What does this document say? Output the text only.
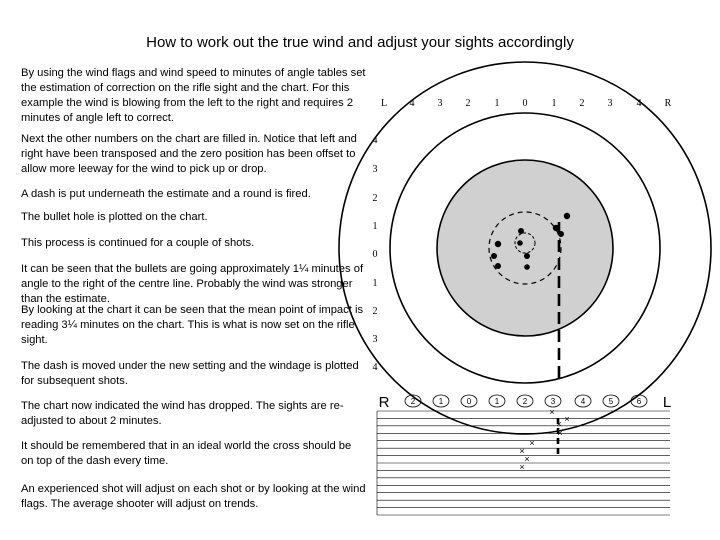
How to work out the true wind and adjust your sights accordingly

By using the wind flags and wind speed to minutes of angle tables set the estimation of correction on the rifle sight and the chart. For this example the wind is blowing from the left to the right and requires 2 minutes of angle left to correct.

Next the other numbers on the chart are filled in. Notice that left and right have been transposed and the zero position has been offset to allow more leeway for the wind to pick up or drop.

A dash is put underneath the estimate and a round is fired.

The bullet hole is plotted on the chart.

This process is continued for a couple of shots.

It can be seen that the bullets are going approximately 1¼ minutes of angle to the right of the centre line. Probably the wind was stronger than the estimate.

By looking at the chart it can be seen that the mean point of impact is reading 3¼ minutes on the chart. This is what is now set on the rifle sight.

The dash is moved under the new setting and the windage is plotted for subsequent shots.

The chart now indicated the wind has dropped. The sights are re-adjusted to about 2 minutes.

It should be remembered that in an ideal world the cross should be on top of the dash every time.

An experienced shot will adjust on each shot or by looking at the wind flags. The average shooter will adjust on trends.

L 4 3 2 1 0 1 2 3 4 R
4
3
2
1
0
1
2
3
4
R	L
2	1	0	1	2	3	4	5	6
×
×
×
×
×
×
×
×
